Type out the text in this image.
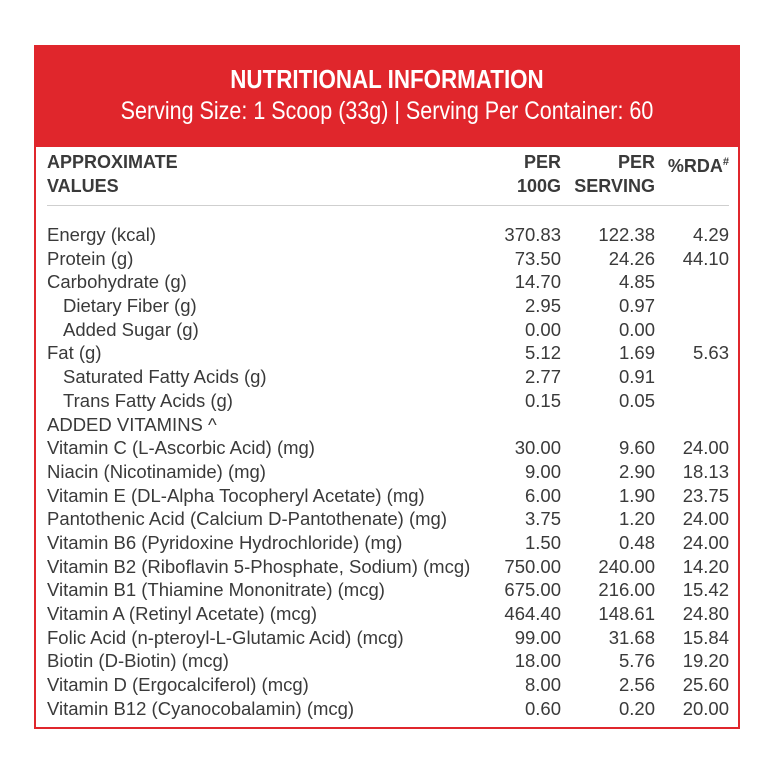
NUTRITIONAL INFORMATION
Serving Size: 1 Scoop (33g) | Serving Per Container: 60
APPROXIMATE
VALUES
PER
100G
PER
SERVING
%RDA#
Energy (kcal)	370.83 122.38 4.29
Protein (g)	73.50	24.26 44.10
Carbohydrate (g)	14.70	4.85
Dietary Fiber (g)	2.95	0.97
Added Sugar (g)	0.00	0.00
Fat (g)	5.12	1.69 5.63
Saturated Fatty Acids (g)	2.77	0.91
Trans Fatty Acids (g)	0.15	0.05
ADDED VITAMINS ^
Vitamin C (L-Ascorbic Acid) (mg)	30.00	9.60 24.00
Niacin (Nicotinamide) (mg)	9.00	2.90 18.13
Vitamin E (DL-Alpha Tocopheryl Acetate) (mg)	6.00	1.90 23.75
Pantothenic Acid (Calcium D-Pantothenate) (mg)	3.75	1.20 24.00
Vitamin B6 (Pyridoxine Hydrochloride) (mg)	1.50	0.48 24.00
Vitamin B2 (Riboflavin 5-Phosphate, Sodium) (mcg) 750.00 240.00 14.20
Vitamin B1 (Thiamine Mononitrate) (mcg)	675.00 216.00 15.42
Vitamin A (Retinyl Acetate) (mcg)	464.40 148.61 24.80
Folic Acid (n-pteroyl-L-Glutamic Acid) (mcg)	99.00	31.68 15.84
Biotin (D-Biotin) (mcg)	18.00	5.76 19.20
Vitamin D (Ergocalciferol) (mcg)	8.00	2.56 25.60
Vitamin B12 (Cyanocobalamin) (mcg)	0.60	0.20 20.00
